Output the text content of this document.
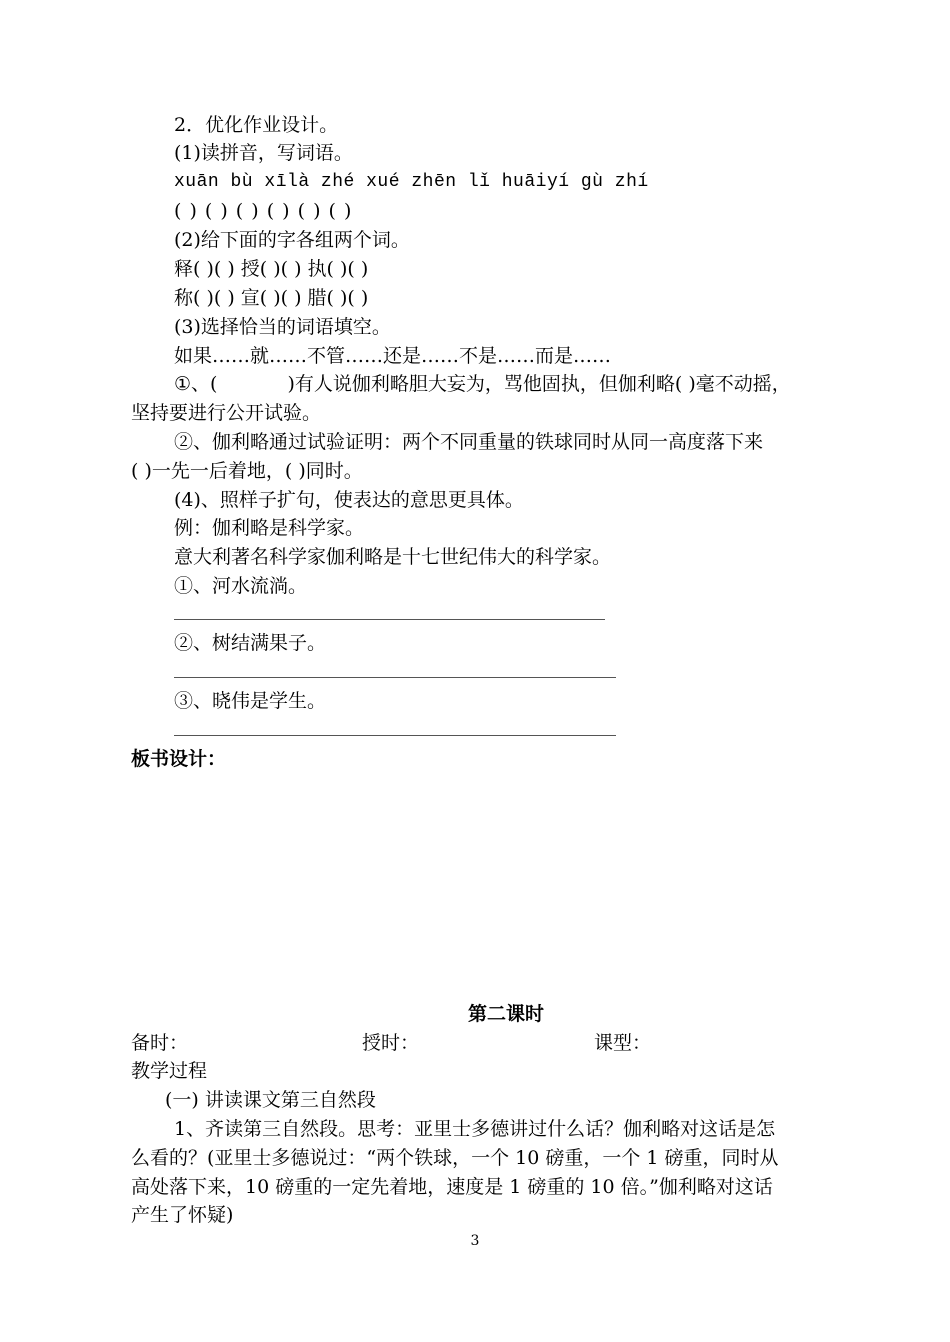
2．优化作业设计。
(1)读拼音，写词语。
xuān bù xīlà zhé xué zhēn lǐ huāiyí gù zhí
( ) ( ) ( ) ( ) ( ) ( )
(2)给下面的字各组两个词。
释( )( ) 授( )( ) 执( )( )
称( )( ) 宣( )( ) 腊( )( )
(3)选择恰当的词语填空。
如果……就……不管……还是……不是……而是……
①、(	)有人说伽利略胆大妄为，骂他固执，但伽利略( )毫不动摇，
坚持要进行公开试验。
②、伽利略通过试验证明：两个不同重量的铁球同时从同一高度落下来
( )一先一后着地，( )同时。
(4)、照样子扩句，使表达的意思更具体。
例：伽利略是科学家。
意大利著名科学家伽利略是十七世纪伟大的科学家。
①、河水流淌。
②、树结满果子。
③、晓伟是学生。
板书设计：
第二课时
备时：	授时：	课型：
教学过程
(一) 讲读课文第三自然段
1、齐读第三自然段。思考：亚里士多德讲过什么话？伽利略对这话是怎
么看的？(亚里士多德说过：“两个铁球，一个 10 磅重，一个 1 磅重，同时从
高处落下来，10 磅重的一定先着地，速度是 1 磅重的 10 倍。”伽利略对这话
产生了怀疑)
3
